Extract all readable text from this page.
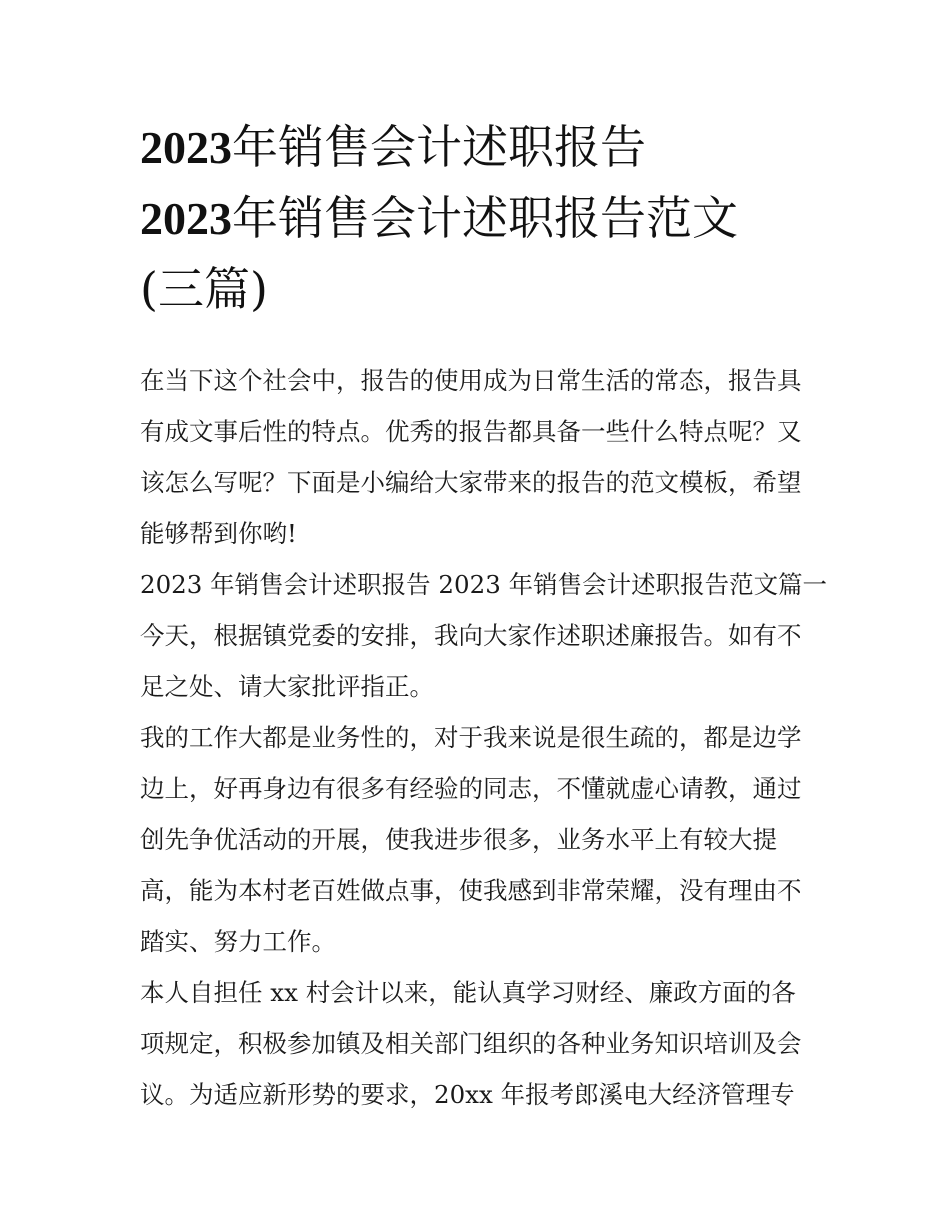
2023年销售会计述职报告
2023年销售会计述职报告范文
(三篇)
在当下这个社会中，报告的使用成为日常生活的常态，报告具
有成文事后性的特点。优秀的报告都具备一些什么特点呢？又
该怎么写呢？下面是小编给大家带来的报告的范文模板，希望
能够帮到你哟!
2023 年销售会计述职报告 2023 年销售会计述职报告范文篇一
今天，根据镇党委的安排，我向大家作述职述廉报告。如有不
足之处、请大家批评指正。
我的工作大都是业务性的，对于我来说是很生疏的，都是边学
边上，好再身边有很多有经验的同志，不懂就虚心请教，通过
创先争优活动的开展，使我进步很多，业务水平上有较大提
高，能为本村老百姓做点事，使我感到非常荣耀，没有理由不
踏实、努力工作。
本人自担任 xx 村会计以来，能认真学习财经、廉政方面的各
项规定，积极参加镇及相关部门组织的各种业务知识培训及会
议。为适应新形势的要求，20xx 年报考郎溪电大经济管理专
